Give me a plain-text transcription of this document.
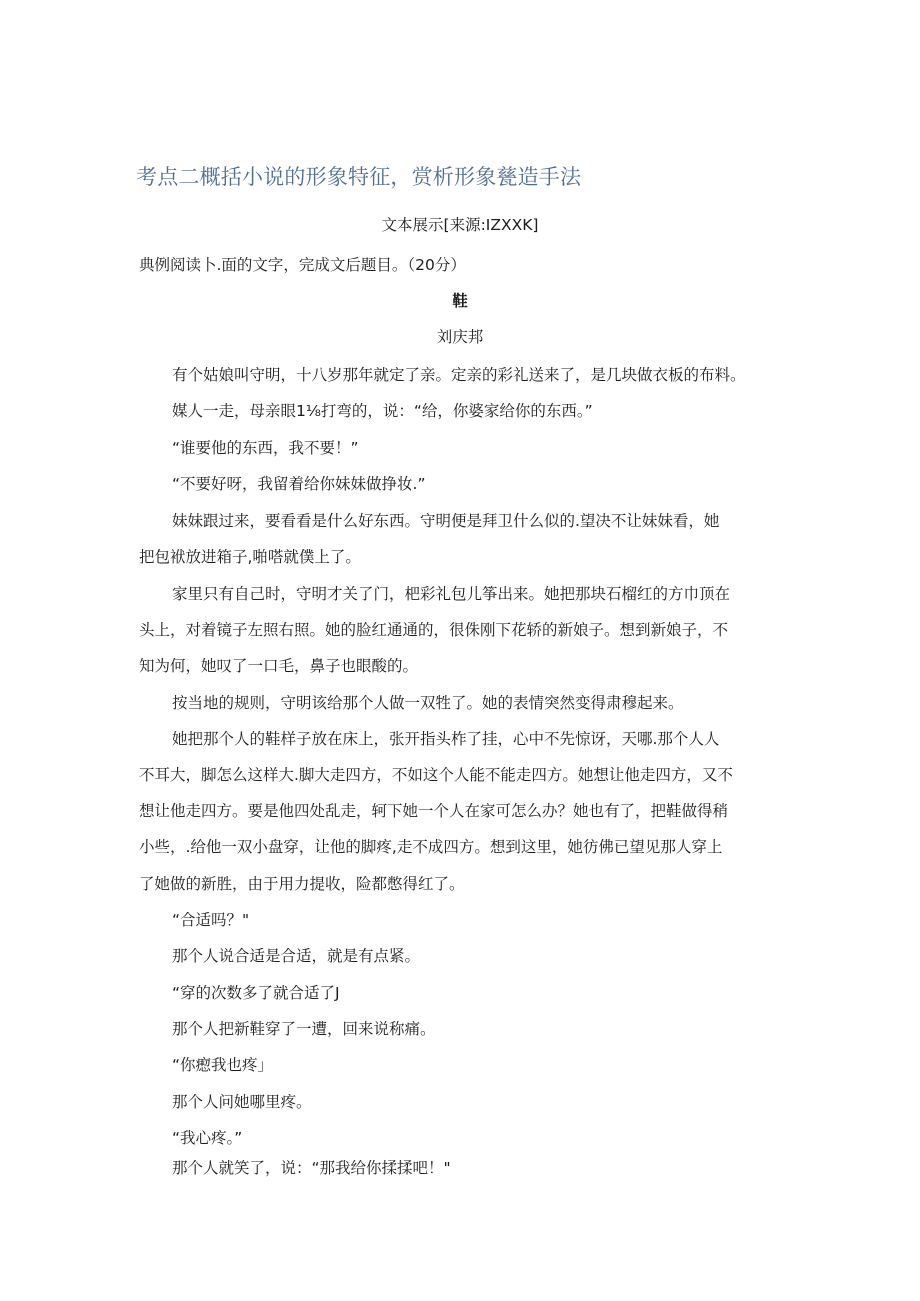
考点二概括小说的形象特征，赏析形象甆造手法
文本展示[来源:IZXXK]
典例阅读卜.面的文字，完成文后题目。（20分）
鞋
刘庆邦
有个姑娘叫守明，十八岁那年就定了亲。定亲的彩礼送来了，是几块做衣板的布料。
媒人一走，母亲眼1⅛打弯的，说：“给，你婆家给你的东西。”
“谁要他的东西，我不要！”
“不要好呀，我留着给你妹妹做挣妆.”
妹妹跟过来，要看看是什么好东西。守明便是拜卫什么似的.望决不让妹妹看，她
把包袱放进箱子,啪嗒就僕上了。
家里只有自己时，守明才关了门，杷彩礼包儿筝出来。她把那块石榴红的方巾顶在
头上，对着镜子左照右照。她的脸红通通的，很侏刚下花轿的新娘子。想到新娘子，不
知为何，她叹了一口毛，鼻子也眼酸的。
按当地的规则，守明该给那个人做一双牲了。她的表情突然变得肃穆起来。
她把那个人的鞋样子放在床上，张开指头柞了挂，心中不先惊讶，天哪.那个人人
不耳大，脚怎么这样大.脚大走四方，不如这个人能不能走四方。她想让他走四方，又不
想让他走四方。要是他四处乱走，轲下她一个人在家可怎么办？她也有了，把鞋做得稍
小些，.给他一双小盘穿，让他的脚疼,走不成四方。想到这里，她彷佛已望见那人穿上
了她做的新胜，由于用力提收，险都憋得红了。
“合适吗？"
那个人说合适是合适，就是有点紧。
“穿的次数多了就合适了J
那个人把新鞋穿了一遭，回来说称痛。
“你瘛我也疼」
那个人问她哪里疼。
“我心疼。”
那个人就笑了，说：“那我给你揉揉吧！"
